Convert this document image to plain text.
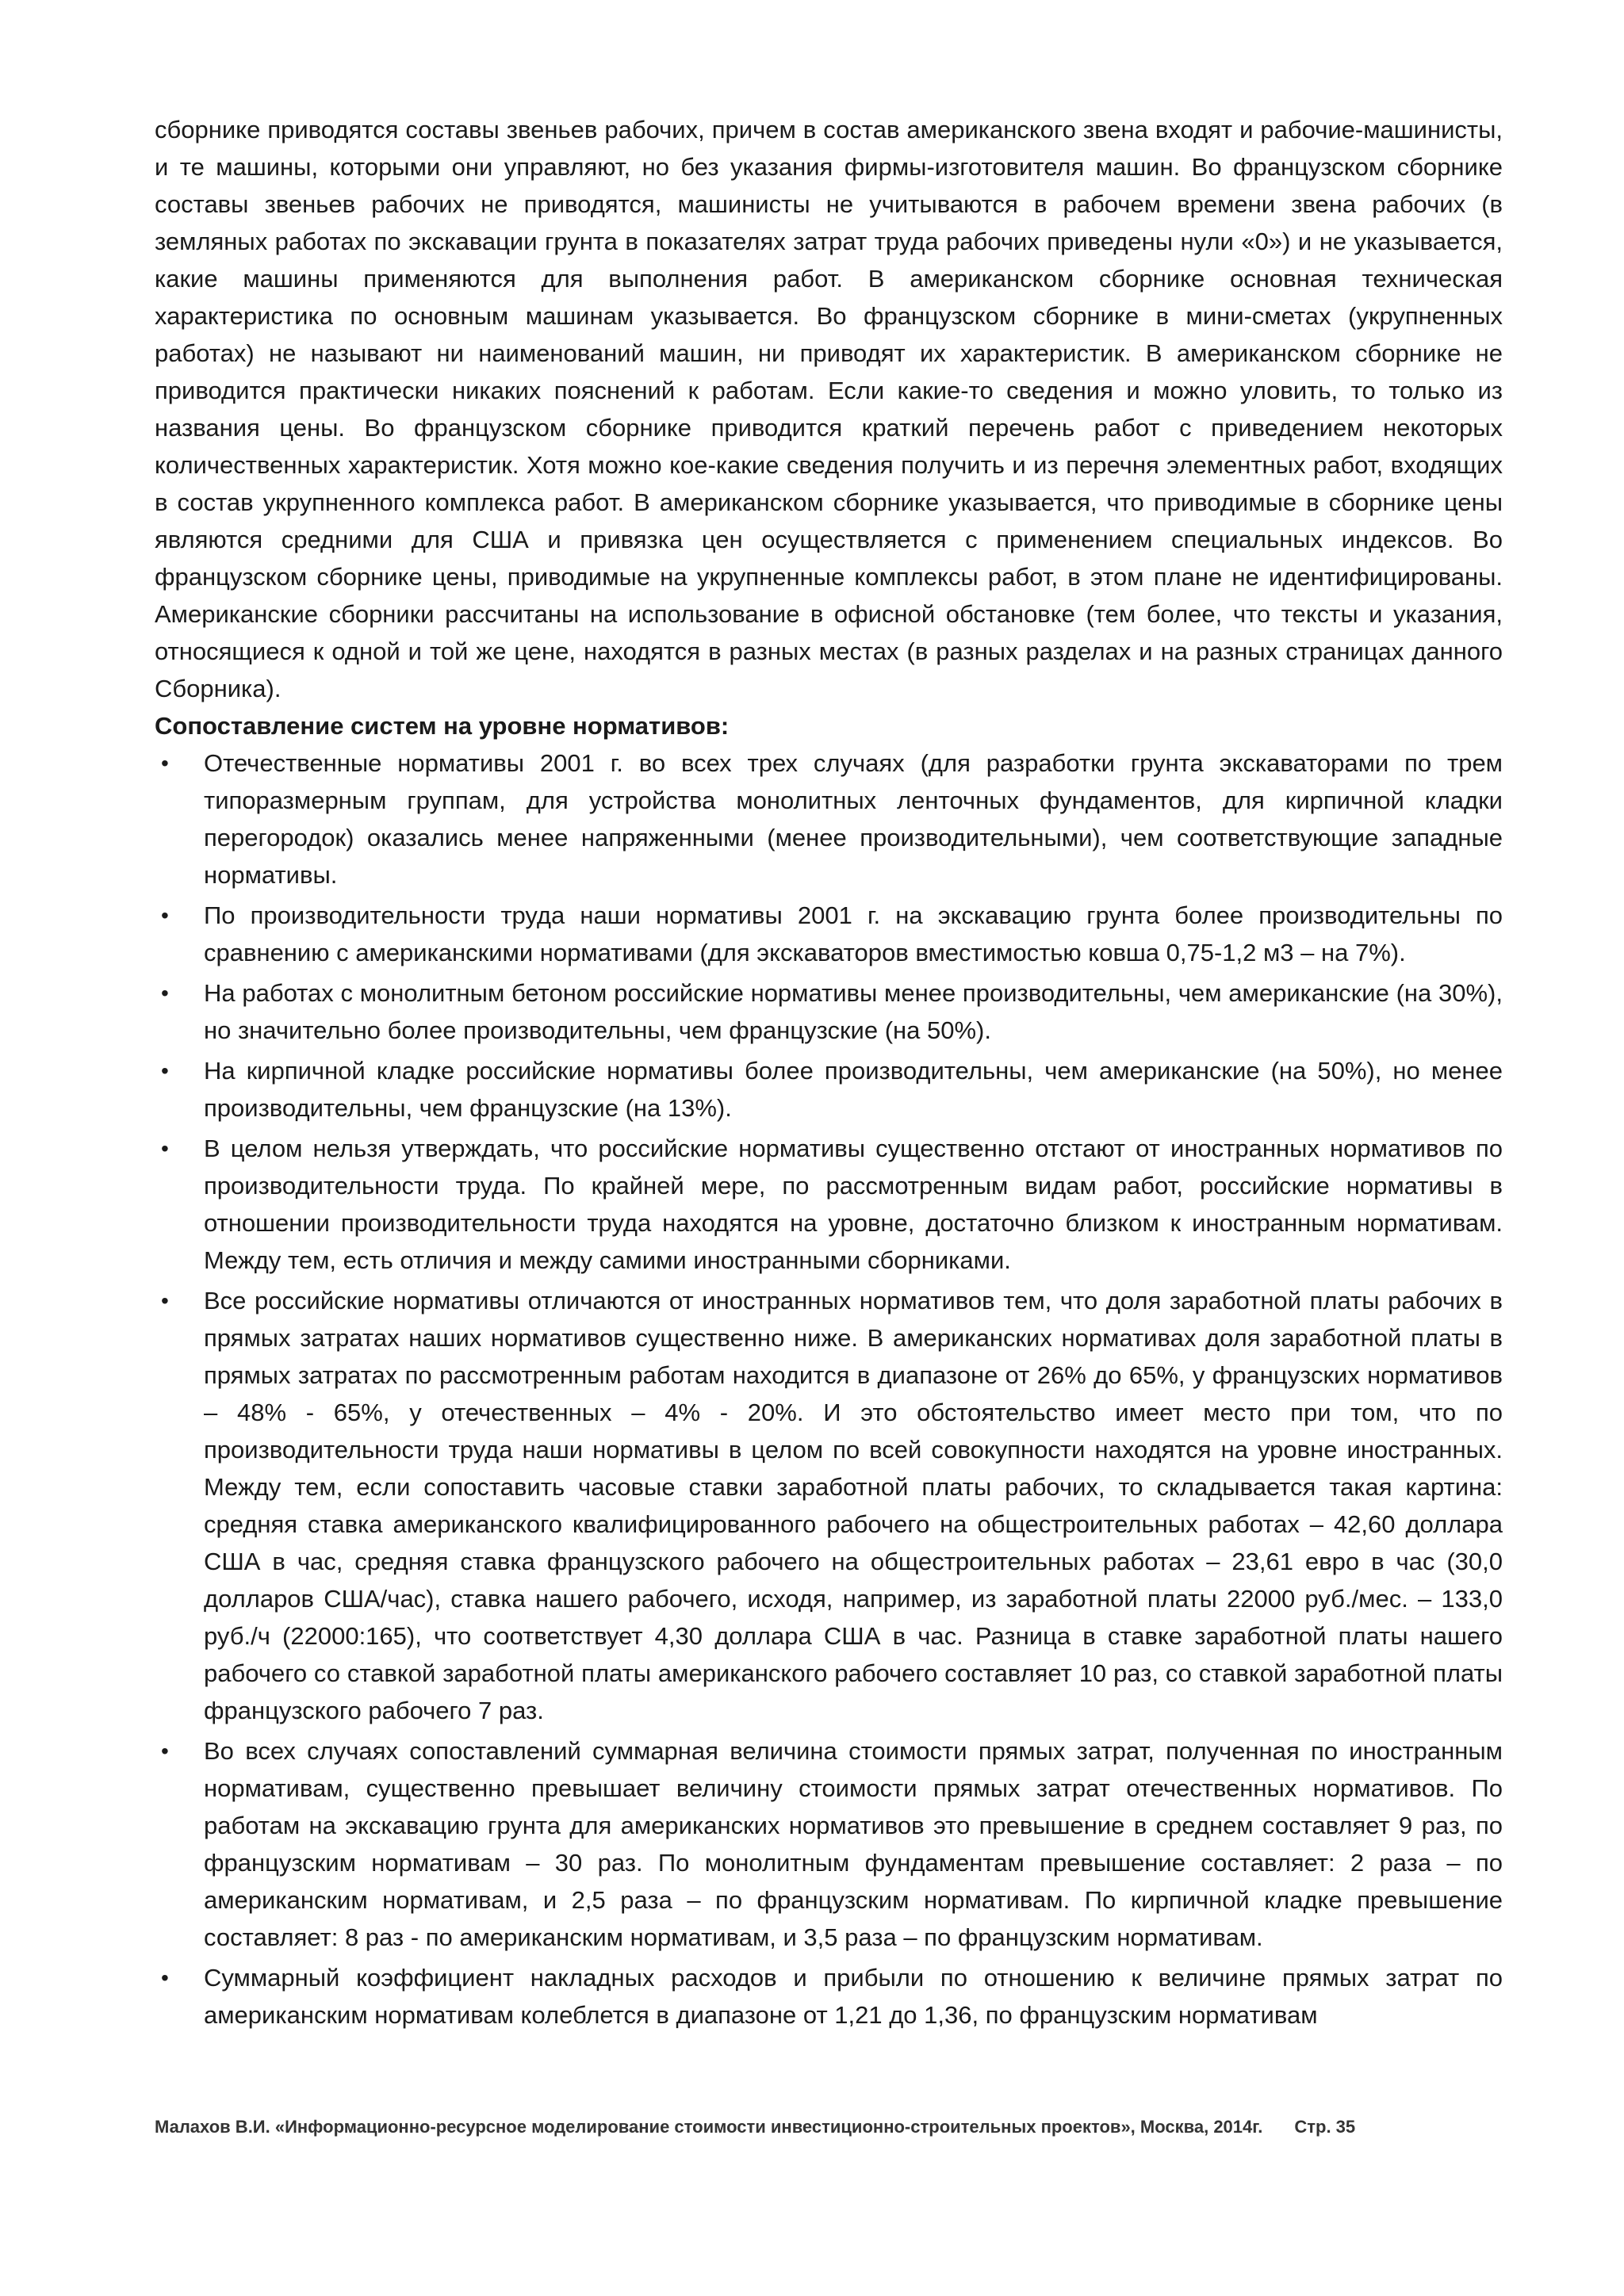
сборнике приводятся составы звеньев рабочих, причем в состав американского звена входят и рабочие-машинисты, и те машины, которыми они управляют, но без указания фирмы-изготовителя машин. Во французском сборнике составы звеньев рабочих не приводятся, машинисты не учитываются в рабочем времени звена рабочих (в земляных работах по экскавации грунта в показателях затрат труда рабочих приведены нули «0») и не указывается, какие машины применяются для выполнения работ. В американском сборнике основная техническая характеристика по основным машинам указывается. Во французском сборнике в мини-сметах (укрупненных работах) не называют ни наименований машин, ни приводят их характеристик. В американском сборнике не приводится практически никаких пояснений к работам. Если какие-то сведения и можно уловить, то только из названия цены. Во французском сборнике приводится краткий перечень работ с приведением некоторых количественных характеристик. Хотя можно кое-какие сведения получить и из перечня элементных работ, входящих в состав укрупненного комплекса работ. В американском сборнике указывается, что приводимые в сборнике цены являются средними для США и привязка цен осуществляется с применением специальных индексов. Во французском сборнике цены, приводимые на укрупненные комплексы работ, в этом плане не идентифицированы. Американские сборники рассчитаны на использование в офисной обстановке (тем более, что тексты и указания, относящиеся к одной и той же цене, находятся в разных местах (в разных разделах и на разных страницах данного Сборника).

Сопоставление систем на уровне нормативов:

• Отечественные нормативы 2001 г. во всех трех случаях (для разработки грунта экскаваторами по трем типоразмерным группам, для устройства монолитных ленточных фундаментов, для кирпичной кладки перегородок) оказались менее напряженными (менее производительными), чем соответствующие западные нормативы.
• По производительности труда наши нормативы 2001 г. на экскавацию грунта более производительны по сравнению с американскими нормативами (для экскаваторов вместимостью ковша 0,75-1,2 м3 – на 7%).
• На работах с монолитным бетоном российские нормативы менее производительны, чем американские (на 30%), но значительно более производительны, чем французские (на 50%).
• На кирпичной кладке российские нормативы более производительны, чем американские (на 50%), но менее производительны, чем французские (на 13%).
• В целом нельзя утверждать, что российские нормативы существенно отстают от иностранных нормативов по производительности труда. По крайней мере, по рассмотренным видам работ, российские нормативы в отношении производительности труда находятся на уровне, достаточно близком к иностранным нормативам. Между тем, есть отличия и между самими иностранными сборниками.
• Все российские нормативы отличаются от иностранных нормативов тем, что доля заработной платы рабочих в прямых затратах наших нормативов существенно ниже. В американских нормативах доля заработной платы в прямых затратах по рассмотренным работам находится в диапазоне от 26% до 65%, у французских нормативов – 48% - 65%, у отечественных – 4% - 20%. И это обстоятельство имеет место при том, что по производительности труда наши нормативы в целом по всей совокупности находятся на уровне иностранных. Между тем, если сопоставить часовые ставки заработной платы рабочих, то складывается такая картина: средняя ставка американского квалифицированного рабочего на общестроительных работах – 42,60 доллара США в час, средняя ставка французского рабочего на общестроительных работах – 23,61 евро в час (30,0 долларов США/час), ставка нашего рабочего, исходя, например, из заработной платы 22000 руб./мес. – 133,0 руб./ч (22000:165), что соответствует 4,30 доллара США в час. Разница в ставке заработной платы нашего рабочего со ставкой заработной платы американского рабочего составляет 10 раз, со ставкой заработной платы французского рабочего 7 раз.
• Во всех случаях сопоставлений суммарная величина стоимости прямых затрат, полученная по иностранным нормативам, существенно превышает величину стоимости прямых затрат отечественных нормативов. По работам на экскавацию грунта для американских нормативов это превышение в среднем составляет 9 раз, по французским нормативам – 30 раз. По монолитным фундаментам превышение составляет: 2 раза – по американским нормативам, и 2,5 раза – по французским нормативам. По кирпичной кладке превышение составляет: 8 раз - по американским нормативам, и 3,5 раза – по французским нормативам.
• Суммарный коэффициент накладных расходов и прибыли по отношению к величине прямых затрат по американским нормативам колеблется в диапазоне от 1,21 до 1,36, по французским нормативам
Малахов В.И. «Информационно-ресурсное моделирование стоимости инвестиционно-строительных проектов», Москва, 2014г. Стр. 35
